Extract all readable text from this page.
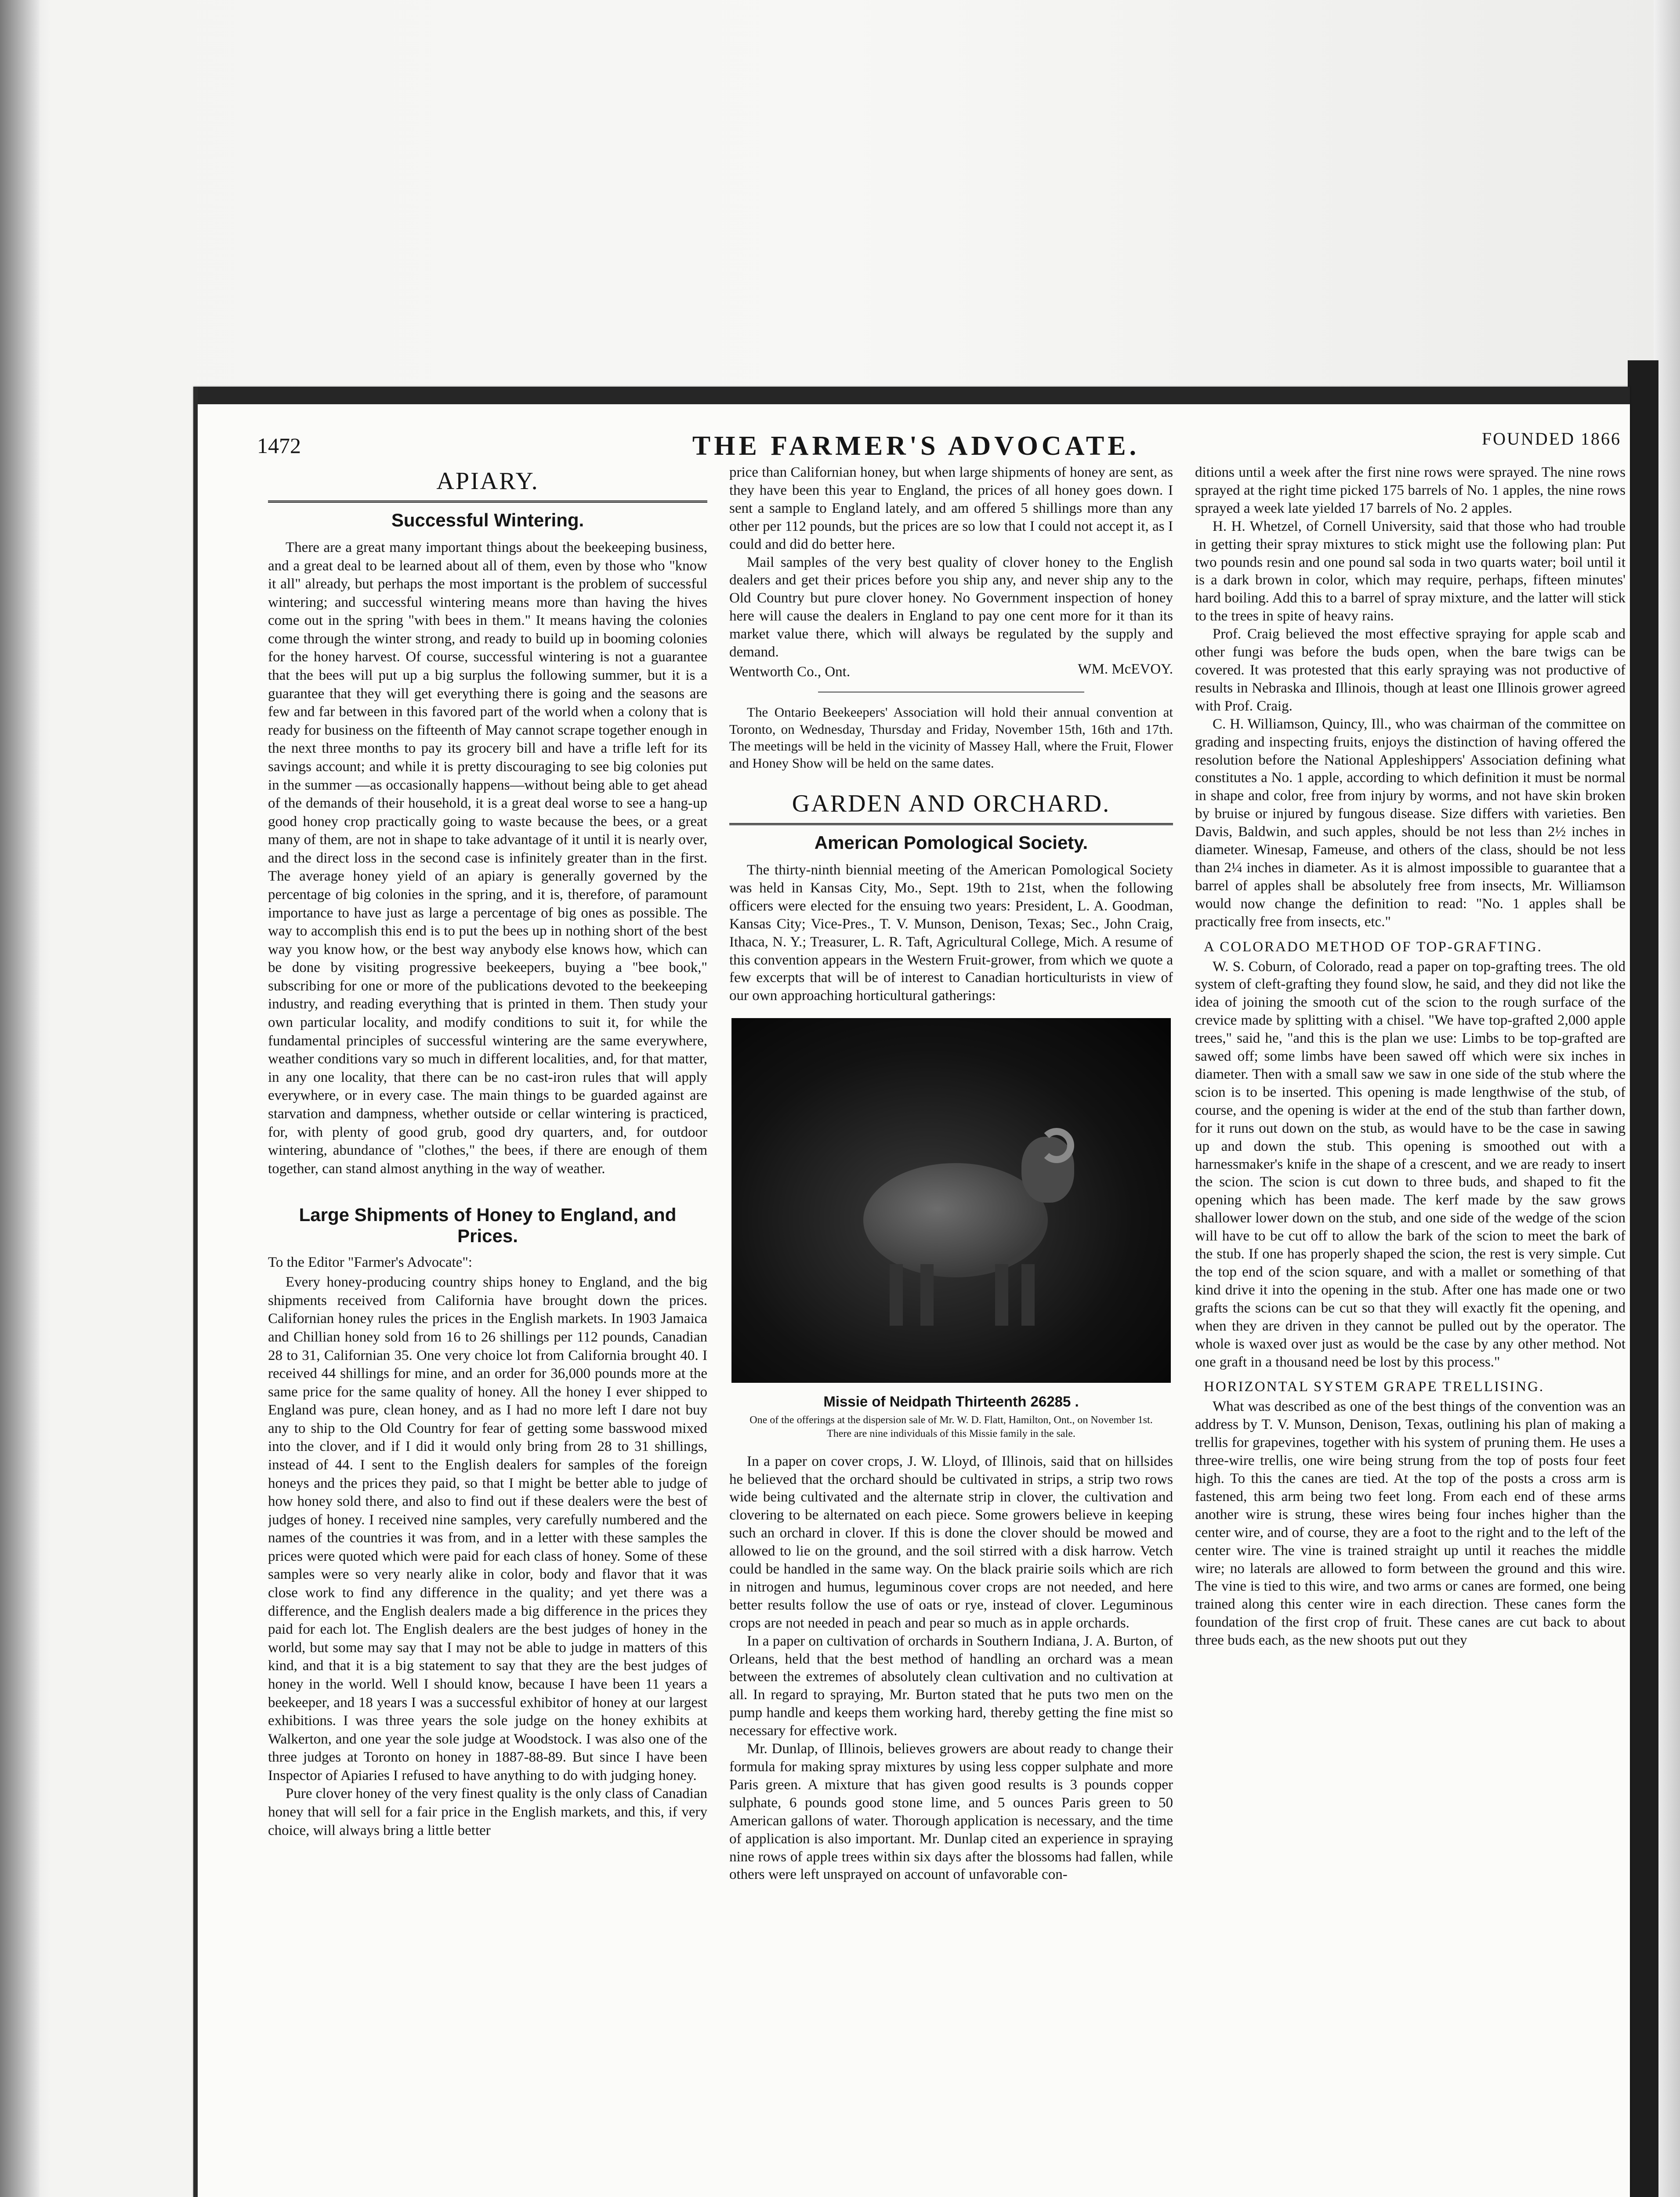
1472	THE FARMER'S ADVOCATE.	FOUNDED 1866
APIARY.
Successful Wintering.

There are a great many important things about the beekeeping business, and a great deal to be learned about all of them, even by those who "know it all" already, but perhaps the most important is the problem of successful wintering; and successful wintering means more than having the hives come out in the spring "with bees in them." It means having the colonies come through the winter strong, and ready to build up in booming colonies for the honey harvest. Of course, successful wintering is not a guarantee that the bees will put up a big surplus the following summer, but it is a guarantee that they will get everything there is going and the seasons are few and far between in this favored part of the world when a colony that is ready for business on the fifteenth of May cannot scrape together enough in the next three months to pay its grocery bill and have a trifle left for its savings account; and while it is pretty discouraging to see big colonies put in the summer —as occasionally happens—without being able to get ahead of the demands of their household, it is a great deal worse to see a hang-up good honey crop practically going to waste because the bees, or a great many of them, are not in shape to take advantage of it until it is nearly over, and the direct loss in the second case is infinitely greater than in the first. The average honey yield of an apiary is generally governed by the percentage of big colonies in the spring, and it is, therefore, of paramount importance to have just as large a percentage of big ones as possible. The way to accomplish this end is to put the bees up in nothing short of the best way you know how, or the best way anybody else knows how, which can be done by visiting progressive beekeepers, buying a "bee book," subscribing for one or more of the publications devoted to the beekeeping industry, and reading everything that is printed in them. Then study your own particular locality, and modify conditions to suit it, for while the fundamental principles of successful wintering are the same everywhere, weather conditions vary so much in different localities, and, for that matter, in any one locality, that there can be no cast-iron rules that will apply everywhere, or in every case. The main things to be guarded against are starvation and dampness, whether outside or cellar wintering is practiced, for, with plenty of good grub, good dry quarters, and, for outdoor wintering, abundance of "clothes," the bees, if there are enough of them together, can stand almost anything in the way of weather.

Large Shipments of Honey to England, and Prices.
To the Editor "Farmer's Advocate":

Every honey-producing country ships honey to England, and the big shipments received from California have brought down the prices. Californian honey rules the prices in the English markets. In 1903 Jamaica and Chillian honey sold from 16 to 26 shillings per 112 pounds, Canadian 28 to 31, Californian 35. One very choice lot from California brought 40. I received 44 shillings for mine, and an order for 36,000 pounds more at the same price for the same quality of honey. All the honey I ever shipped to England was pure, clean honey, and as I had no more left I dare not buy any to ship to the Old Country for fear of getting some basswood mixed into the clover, and if I did it would only bring from 28 to 31 shillings, instead of 44. I sent to the English dealers for samples of the foreign honeys and the prices they paid, so that I might be better able to judge of how honey sold there, and also to find out if these dealers were the best of judges of honey. I received nine samples, very carefully numbered and the names of the countries it was from, and in a letter with these samples the prices were quoted which were paid for each class of honey. Some of these samples were so very nearly alike in color, body and flavor that it was close work to find any difference in the quality; and yet there was a difference, and the English dealers made a big difference in the prices they paid for each lot. The English dealers are the best judges of honey in the world, but some may say that I may not be able to judge in matters of this kind, and that it is a big statement to say that they are the best judges of honey in the world. Well I should know, because I have been 11 years a beekeeper, and 18 years I was a successful exhibitor of honey at our largest exhibitions. I was three years the sole judge on the honey exhibits at Walkerton, and one year the sole judge at Woodstock. I was also one of the three judges at Toronto on honey in 1887-88-89. But since I have been Inspector of Apiaries I refused to have anything to do with judging honey.

Pure clover honey of the very finest quality is the only class of Canadian honey that will sell for a fair price in the English markets, and this, if very choice, will always bring a little better

price than Californian honey, but when large shipments of honey are sent, as they have been this year to England, the prices of all honey goes down. I sent a sample to England lately, and am offered 5 shillings more than any other per 112 pounds, but the prices are so low that I could not accept it, as I could and did do better here.

Mail samples of the very best quality of clover honey to the English dealers and get their prices before you ship any, and never ship any to the Old Country but pure clover honey. No Government inspection of honey here will cause the dealers in England to pay one cent more for it than its market value there, which will always be regulated by the supply and demand.

Wentworth Co., Ont.	WM. McEVOY.

The Ontario Beekeepers' Association will hold their annual convention at Toronto, on Wednesday, Thursday and Friday, November 15th, 16th and 17th. The meetings will be held in the vicinity of Massey Hall, where the Fruit, Flower and Honey Show will be held on the same dates.

GARDEN AND ORCHARD.
American Pomological Society.

The thirty-ninth biennial meeting of the American Pomological Society was held in Kansas City, Mo., Sept. 19th to 21st, when the following officers were elected for the ensuing two years: President, L. A. Goodman, Kansas City; Vice-Pres., T. V. Munson, Denison, Texas; Sec., John Craig, Ithaca, N. Y.; Treasurer, L. R. Taft, Agricultural College, Mich. A resume of this convention appears in the Western Fruit-grower, from which we quote a few excerpts that will be of interest to Canadian horticulturists in view of our own approaching horticultural gatherings:

Missie of Neidpath Thirteenth 26285 .
One of the offerings at the dispersion sale of Mr. W. D. Flatt, Hamilton, Ont., on November 1st. There are nine individuals of this Missie family in the sale.

In a paper on cover crops, J. W. Lloyd, of Illinois, said that on hillsides he believed that the orchard should be cultivated in strips, a strip two rows wide being cultivated and the alternate strip in clover, the cultivation and clovering to be alternated on each piece. Some growers believe in keeping such an orchard in clover. If this is done the clover should be mowed and allowed to lie on the ground, and the soil stirred with a disk harrow. Vetch could be handled in the same way. On the black prairie soils which are rich in nitrogen and humus, leguminous cover crops are not needed, and here better results follow the use of oats or rye, instead of clover. Leguminous crops are not needed in peach and pear so much as in apple orchards.

In a paper on cultivation of orchards in Southern Indiana, J. A. Burton, of Orleans, held that the best method of handling an orchard was a mean between the extremes of absolutely clean cultivation and no cultivation at all. In regard to spraying, Mr. Burton stated that he puts two men on the pump handle and keeps them working hard, thereby getting the fine mist so necessary for effective work.

Mr. Dunlap, of Illinois, believes growers are about ready to change their formula for making spray mixtures by using less copper sulphate and more Paris green. A mixture that has given good results is 3 pounds copper sulphate, 6 pounds good stone lime, and 5 ounces Paris green to 50 American gallons of water. Thorough application is necessary, and the time of application is also important. Mr. Dunlap cited an experience in spraying nine rows of apple trees within six days after the blossoms had fallen, while others were left unsprayed on account of unfavorable con-

ditions until a week after the first nine rows were sprayed. The nine rows sprayed at the right time picked 175 barrels of No. 1 apples, the nine rows sprayed a week late yielded 17 barrels of No. 2 apples.

H. H. Whetzel, of Cornell University, said that those who had trouble in getting their spray mixtures to stick might use the following plan: Put two pounds resin and one pound sal soda in two quarts water; boil until it is a dark brown in color, which may require, perhaps, fifteen minutes' hard boiling. Add this to a barrel of spray mixture, and the latter will stick to the trees in spite of heavy rains.

Prof. Craig believed the most effective spraying for apple scab and other fungi was before the buds open, when the bare twigs can be covered. It was protested that this early spraying was not productive of results in Nebraska and Illinois, though at least one Illinois grower agreed with Prof. Craig.

C. H. Williamson, Quincy, Ill., who was chairman of the committee on grading and inspecting fruits, enjoys the distinction of having offered the resolution before the National Appleshippers' Association defining what constitutes a No. 1 apple, according to which definition it must be normal in shape and color, free from injury by worms, and not have skin broken by bruise or injured by fungous disease. Size differs with varieties. Ben Davis, Baldwin, and such apples, should be not less than 2½ inches in diameter. Winesap, Fameuse, and others of the class, should be not less than 2¼ inches in diameter. As it is almost impossible to guarantee that a barrel of apples shall be absolutely free from insects, Mr. Williamson would now change the definition to read: "No. 1 apples shall be practically free from insects, etc."

A COLORADO METHOD OF TOP-GRAFTING.

W. S. Coburn, of Colorado, read a paper on top-grafting trees. The old system of cleft-grafting they found slow, he said, and they did not like the idea of joining the smooth cut of the scion to the rough surface of the crevice made by splitting with a chisel. "We have top-grafted 2,000 apple trees," said he, "and this is the plan we use: Limbs to be top-grafted are sawed off; some limbs have been sawed off which were six inches in diameter. Then with a small saw we saw in one side of the stub where the scion is to be inserted. This opening is made lengthwise of the stub, of course, and the opening is wider at the end of the stub than farther down, for it runs out down on the stub, as would have to be the case in sawing up and down the stub. This opening is smoothed out with a harnessmaker's knife in the shape of a crescent, and we are ready to insert the scion. The scion is cut down to three buds, and shaped to fit the opening which has been made. The kerf made by the saw grows shallower lower down on the stub, and one side of the wedge of the scion will have to be cut off to allow the bark of the scion to meet the bark of the stub. If one has properly shaped the scion, the rest is very simple. Cut the top end of the scion square, and with a mallet or something of that kind drive it into the opening in the stub. After one has made one or two grafts the scions can be cut so that they will exactly fit the opening, and when they are driven in they cannot be pulled out by the operator. The whole is waxed over just as would be the case by any other method. Not one graft in a thousand need be lost by this process."

HORIZONTAL SYSTEM GRAPE TRELLISING.

What was described as one of the best things of the convention was an address by T. V. Munson, Denison, Texas, outlining his plan of making a trellis for grapevines, together with his system of pruning them. He uses a three-wire trellis, one wire being strung from the top of posts four feet high. To this the canes are tied. At the top of the posts a cross arm is fastened, this arm being two feet long. From each end of these arms another wire is strung, these wires being four inches higher than the center wire, and of course, they are a foot to the right and to the left of the center wire. The vine is trained straight up until it reaches the middle wire; no laterals are allowed to form between the ground and this wire. The vine is tied to this wire, and two arms or canes are formed, one being trained along this center wire in each direction. These canes form the foundation of the first crop of fruit. These canes are cut back to about three buds each, as the new shoots put out they
